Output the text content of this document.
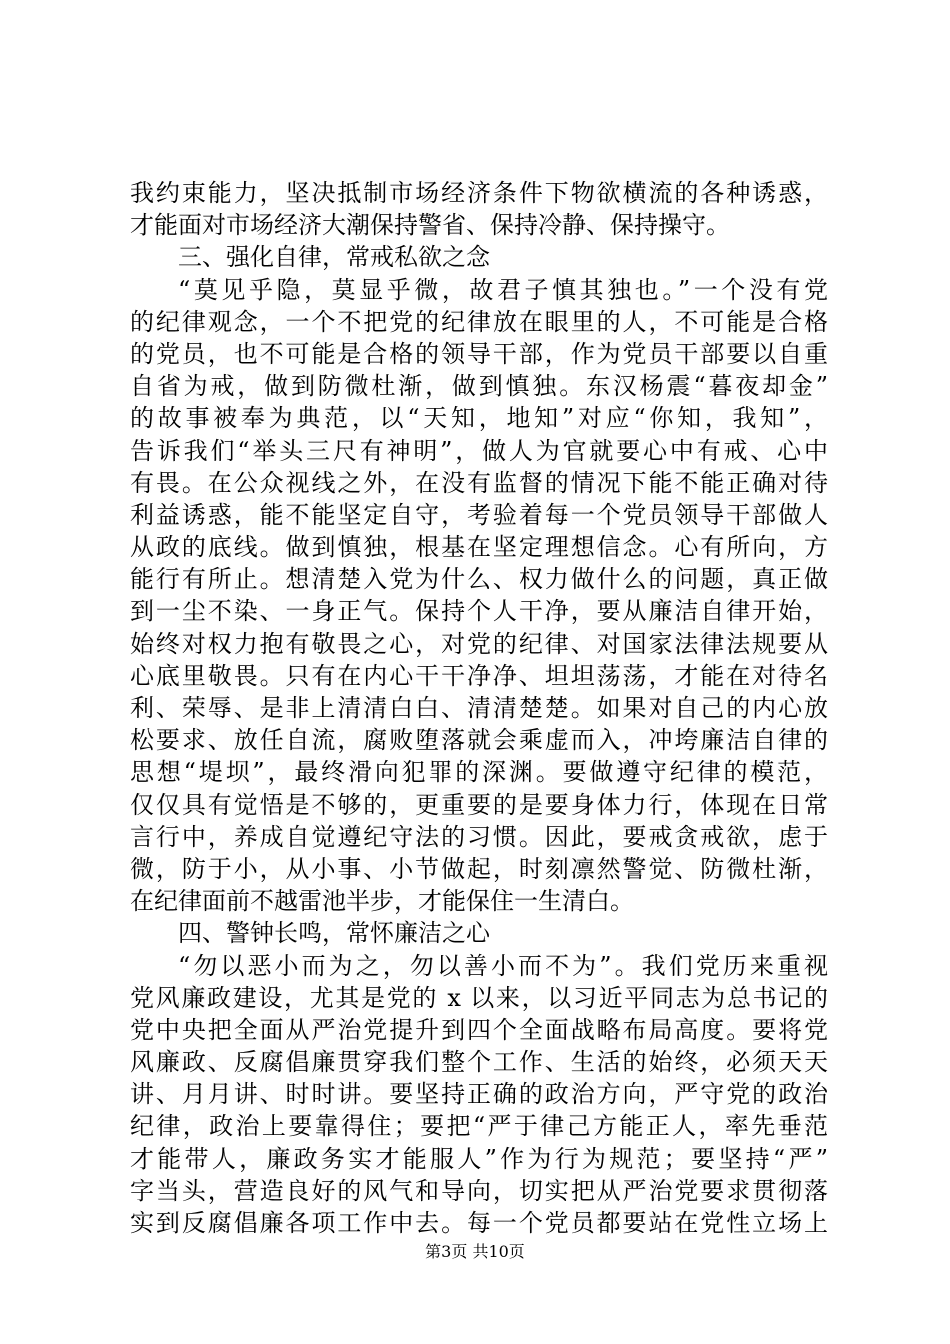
我约束能力，坚决抵制市场经济条件下物欲横流的各种诱惑，
才能面对市场经济大潮保持警省、保持冷静、保持操守。
三、强化自律，常戒私欲之念
“莫见乎隐，莫显乎微，故君子慎其独也。”一个没有党
的纪律观念，一个不把党的纪律放在眼里的人，不可能是合格
的党员，也不可能是合格的领导干部，作为党员干部要以自重
自省为戒，做到防微杜渐，做到慎独。东汉杨震“暮夜却金”
的故事被奉为典范，以“天知，地知”对应“你知，我知”，
告诉我们“举头三尺有神明”，做人为官就要心中有戒、心中
有畏。在公众视线之外，在没有监督的情况下能不能正确对待
利益诱惑，能不能坚定自守，考验着每一个党员领导干部做人
从政的底线。做到慎独，根基在坚定理想信念。心有所向，方
能行有所止。想清楚入党为什么、权力做什么的问题，真正做
到一尘不染、一身正气。保持个人干净，要从廉洁自律开始，
始终对权力抱有敬畏之心，对党的纪律、对国家法律法规要从
心底里敬畏。只有在内心干干净净、坦坦荡荡，才能在对待名
利、荣辱、是非上清清白白、清清楚楚。如果对自己的内心放
松要求、放任自流，腐败堕落就会乘虚而入，冲垮廉洁自律的
思想“堤坝”，最终滑向犯罪的深渊。要做遵守纪律的模范，
仅仅具有觉悟是不够的，更重要的是要身体力行，体现在日常
言行中，养成自觉遵纪守法的习惯。因此，要戒贪戒欲，虑于
微，防于小，从小事、小节做起，时刻凛然警觉、防微杜渐，
在纪律面前不越雷池半步，才能保住一生清白。
四、警钟长鸣，常怀廉洁之心
“勿以恶小而为之，勿以善小而不为”。我们党历来重视
党风廉政建设，尤其是党的 x 以来，以习近平同志为总书记的
党中央把全面从严治党提升到四个全面战略布局高度。要将党
风廉政、反腐倡廉贯穿我们整个工作、生活的始终，必须天天
讲、月月讲、时时讲。要坚持正确的政治方向，严守党的政治
纪律，政治上要靠得住；要把“严于律己方能正人，率先垂范
才能带人，廉政务实才能服人”作为行为规范；要坚持“严”
字当头，营造良好的风气和导向，切实把从严治党要求贯彻落
实到反腐倡廉各项工作中去。每一个党员都要站在党性立场上
第3页 共10页
